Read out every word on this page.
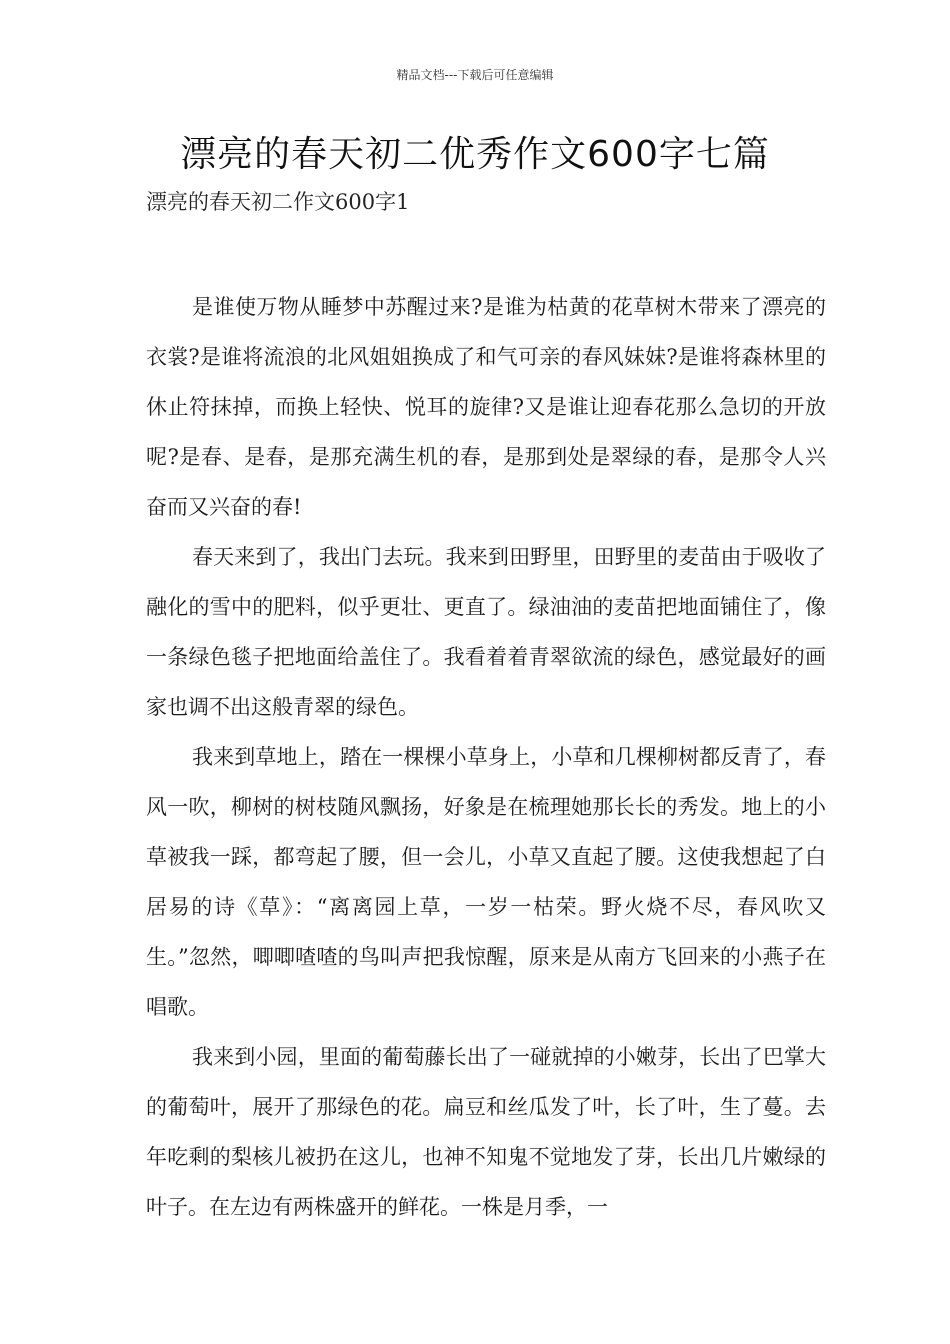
精品文档---下载后可任意编辑
漂亮的春天初二优秀作文600字七篇
漂亮的春天初二作文600字1

是谁使万物从睡梦中苏醒过来?是谁为枯黄的花草树木带来了漂亮的衣裳?是谁将流浪的北风姐姐换成了和气可亲的春风妹妹?是谁将森林里的休止符抹掉，而换上轻快、悦耳的旋律?又是谁让迎春花那么急切的开放呢?是春、是春，是那充满生机的春，是那到处是翠绿的春，是那令人兴奋而又兴奋的春!

春天来到了，我出门去玩。我来到田野里，田野里的麦苗由于吸收了融化的雪中的肥料，似乎更壮、更直了。绿油油的麦苗把地面铺住了，像一条绿色毯子把地面给盖住了。我看着着青翠欲流的绿色，感觉最好的画家也调不出这般青翠的绿色。

我来到草地上，踏在一棵棵小草身上，小草和几棵柳树都反青了，春风一吹，柳树的树枝随风飘扬，好象是在梳理她那长长的秀发。地上的小草被我一踩，都弯起了腰，但一会儿，小草又直起了腰。这使我想起了白居易的诗《草》：“离离园上草，一岁一枯荣。野火烧不尽，春风吹又生。”忽然，唧唧喳喳的鸟叫声把我惊醒，原来是从南方飞回来的小燕子在唱歌。

我来到小园，里面的葡萄藤长出了一碰就掉的小嫩芽，长出了巴掌大的葡萄叶，展开了那绿色的花。扁豆和丝瓜发了叶，长了叶，生了蔓。去年吃剩的梨核儿被扔在这儿，也神不知鬼不觉地发了芽，长出几片嫩绿的叶子。在左边有两株盛开的鲜花。一株是月季，一
